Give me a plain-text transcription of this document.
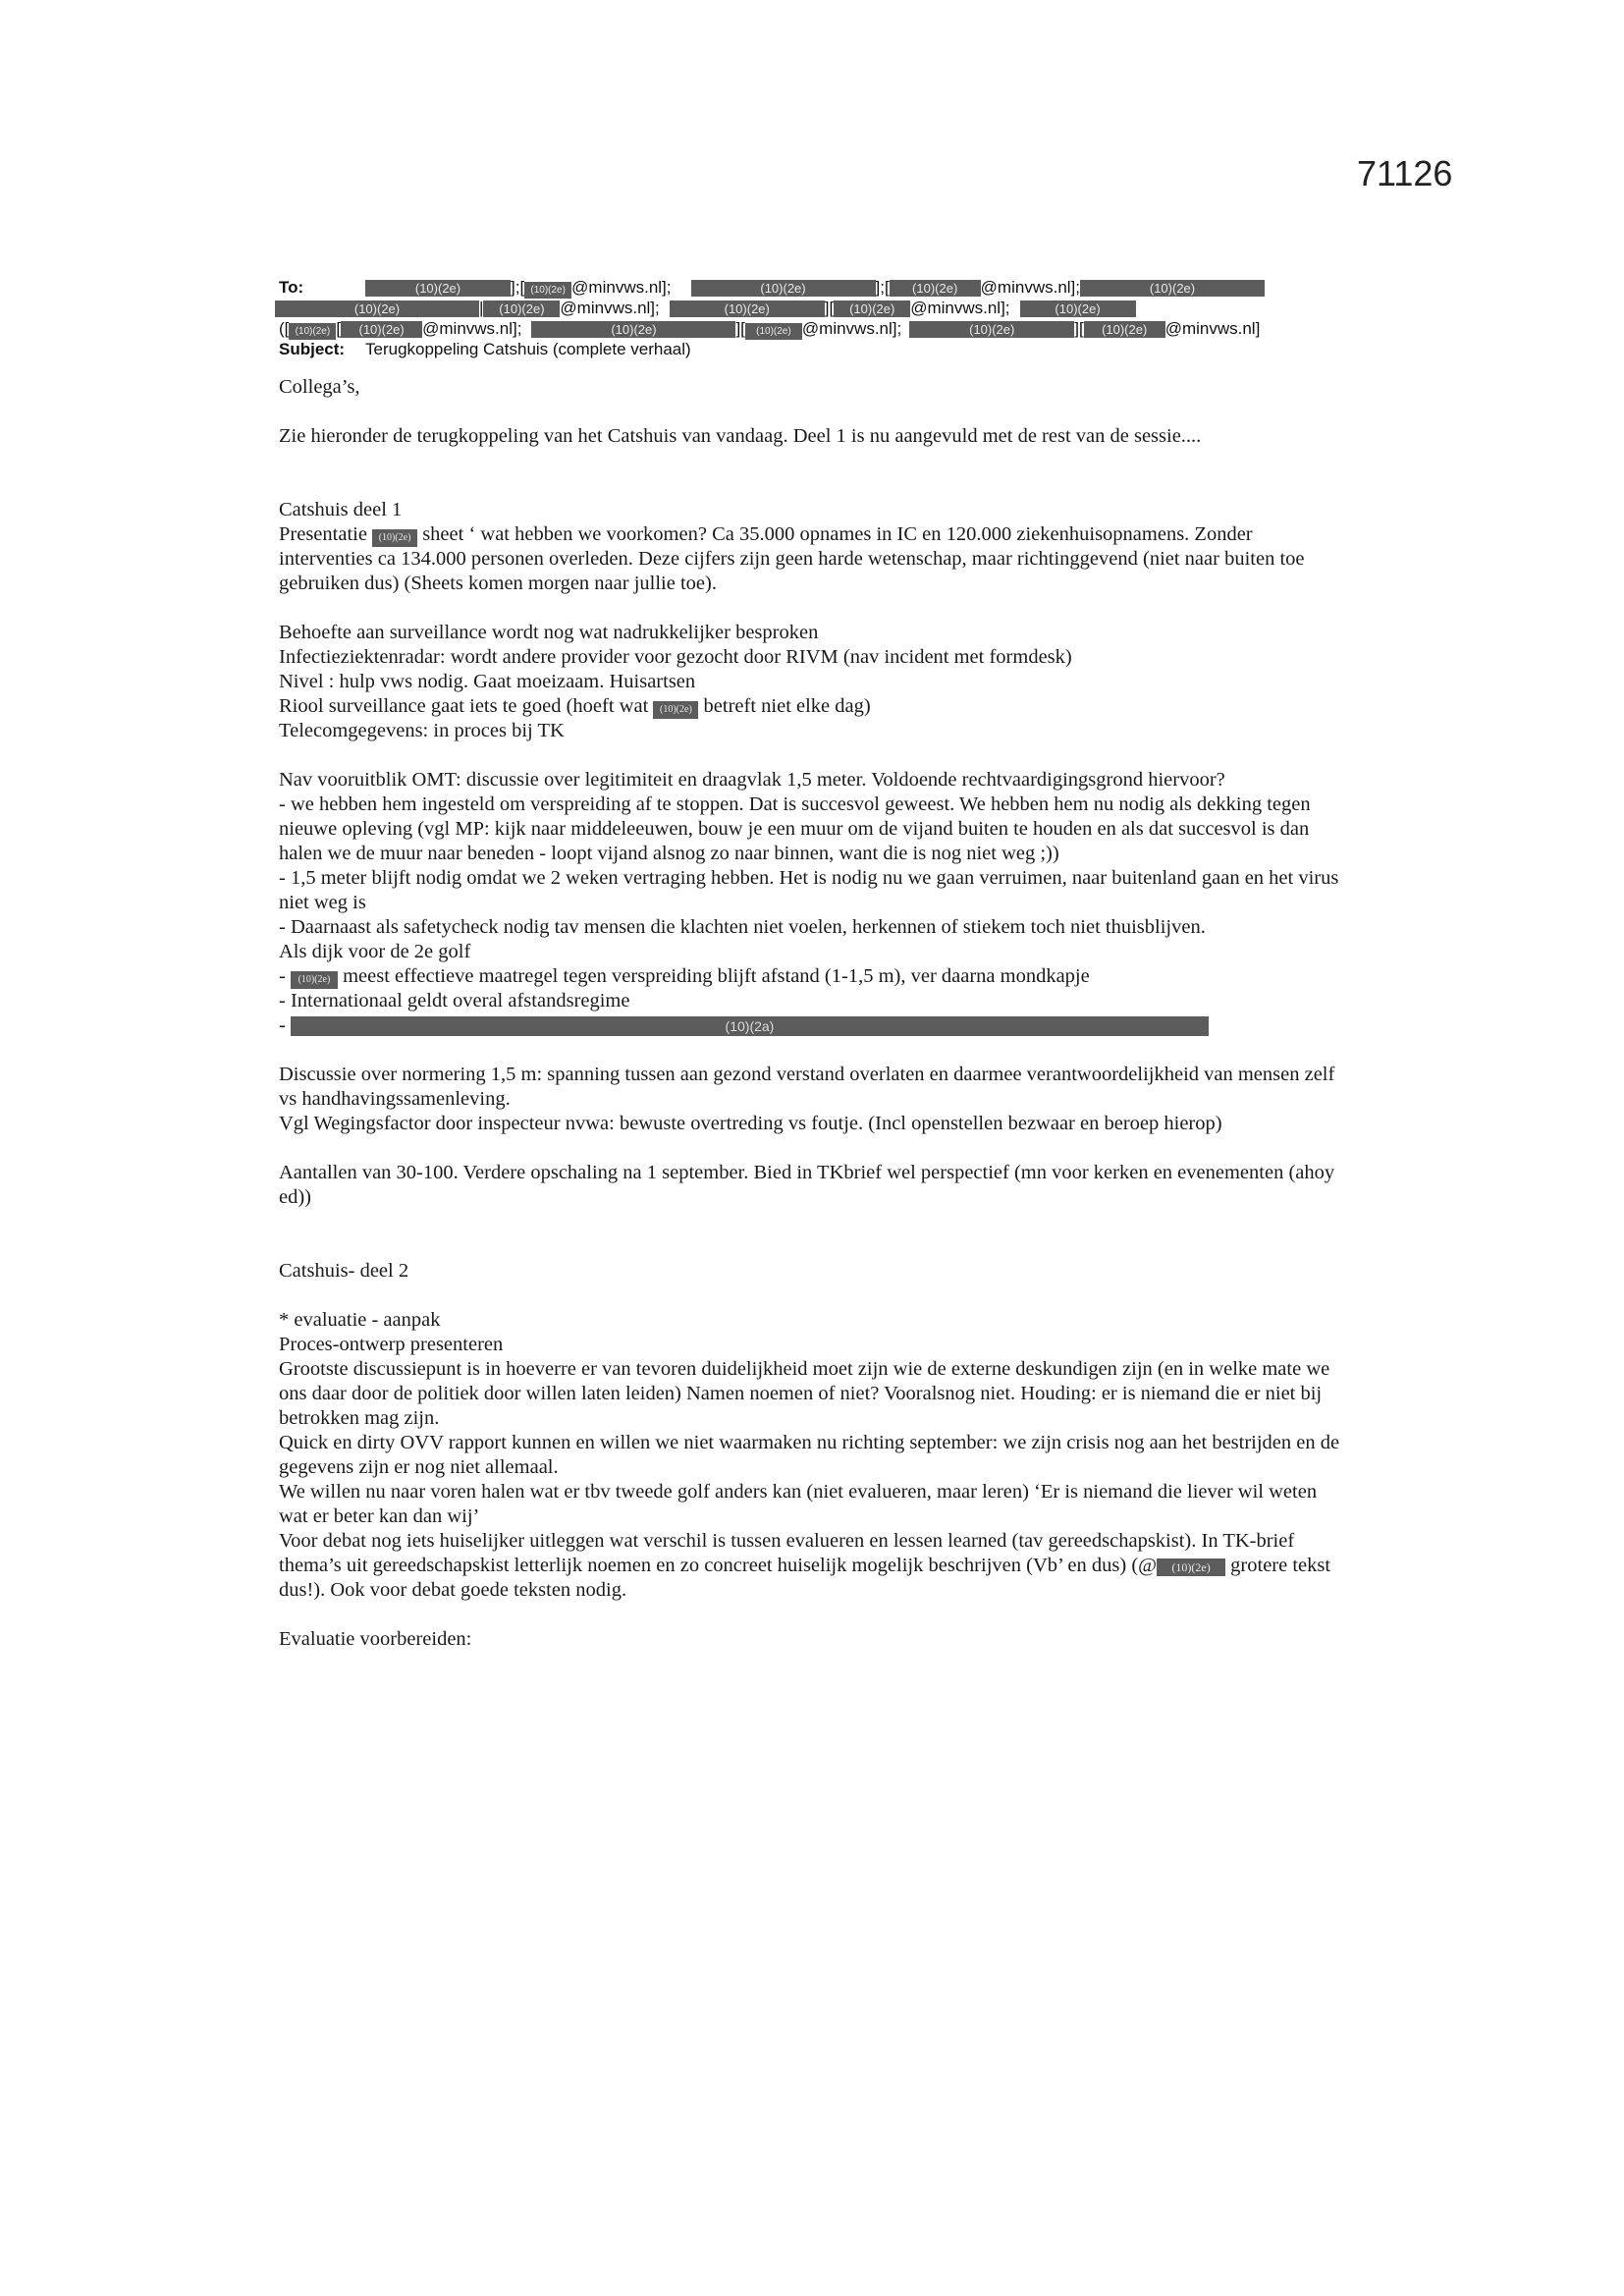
71126
To:	(10)(2e)	];[ (10)(2e) @minvws.nl];	(10)(2e)	];[ (10)(2e) @minvws.nl];	(10)(2e)
(10)(2e)	| (10)(2e) @minvws.nl];	(10)(2e)	][ (10)(2e) @minvws.nl];	(10)(2e)
([ (10)(2e) [ (10)(2e) @minvws.nl];	(10)(2e)	][ (10)(2e) @minvws.nl];	(10)(2e)	][ (10)(2e) @minvws.nl]
Subject: Terugkoppeling Catshuis (complete verhaal)

Collega’s,

Zie hieronder de terugkoppeling van het Catshuis van vandaag. Deel 1 is nu aangevuld met de rest van de sessie....

Catshuis deel 1

Presentatie (10)(2e) sheet ‘ wat hebben we voorkomen? Ca 35.000 opnames in IC en 120.000 ziekenhuisopnamens. Zonder interventies ca 134.000 personen overleden. Deze cijfers zijn geen harde wetenschap, maar richtinggevend (niet naar buiten toe gebruiken dus) (Sheets komen morgen naar jullie toe).

Behoefte aan surveillance wordt nog wat nadrukkelijker besproken

Infectieziektenradar: wordt andere provider voor gezocht door RIVM (nav incident met formdesk)

Nivel : hulp vws nodig. Gaat moeizaam. Huisartsen

Riool surveillance gaat iets te goed (hoeft wat (10)(2e) betreft niet elke dag)

Telecomgegevens: in proces bij TK

Nav vooruitblik OMT: discussie over legitimiteit en draagvlak 1,5 meter. Voldoende rechtvaardigingsgrond hiervoor?

- we hebben hem ingesteld om verspreiding af te stoppen. Dat is succesvol geweest. We hebben hem nu nodig als dekking tegen nieuwe opleving (vgl MP: kijk naar middeleeuwen, bouw je een muur om de vijand buiten te houden en als dat succesvol is dan halen we de muur naar beneden - loopt vijand alsnog zo naar binnen, want die is nog niet weg ;))

- 1,5 meter blijft nodig omdat we 2 weken vertraging hebben. Het is nodig nu we gaan verruimen, naar buitenland gaan en het virus niet weg is

- Daarnaast als safetycheck nodig tav mensen die klachten niet voelen, herkennen of stiekem toch niet thuisblijven.

Als dijk voor de 2e golf

- (10)(2e) meest effectieve maatregel tegen verspreiding blijft afstand (1-1,5 m), ver daarna mondkapje

- Internationaal geldt overal afstandsregime

-	(10)(2a)

Discussie over normering 1,5 m: spanning tussen aan gezond verstand overlaten en daarmee verantwoordelijkheid van mensen zelf vs handhavingssamenleving.

Vgl Wegingsfactor door inspecteur nvwa: bewuste overtreding vs foutje. (Incl openstellen bezwaar en beroep hierop)

Aantallen van 30-100. Verdere opschaling na 1 september. Bied in TKbrief wel perspectief (mn voor kerken en evenementen (ahoy ed))

Catshuis- deel 2

* evaluatie - aanpak

Proces-ontwerp presenteren

Grootste discussiepunt is in hoeverre er van tevoren duidelijkheid moet zijn wie de externe deskundigen zijn (en in welke mate we ons daar door de politiek door willen laten leiden) Namen noemen of niet? Vooralsnog niet. Houding: er is niemand die er niet bij betrokken mag zijn.

Quick en dirty OVV rapport kunnen en willen we niet waarmaken nu richting september: we zijn crisis nog aan het bestrijden en de gegevens zijn er nog niet allemaal.

We willen nu naar voren halen wat er tbv tweede golf anders kan (niet evalueren, maar leren) ‘Er is niemand die liever wil weten wat er beter kan dan wij’

Voor debat nog iets huiselijker uitleggen wat verschil is tussen evalueren en lessen learned (tav gereedschapskist). In TK-brief thema’s uit gereedschapskist letterlijk noemen en zo concreet huiselijk mogelijk beschrijven (Vb’ en dus) (@ (10)(2e) grotere tekst dus!). Ook voor debat goede teksten nodig.

Evaluatie voorbereiden:
